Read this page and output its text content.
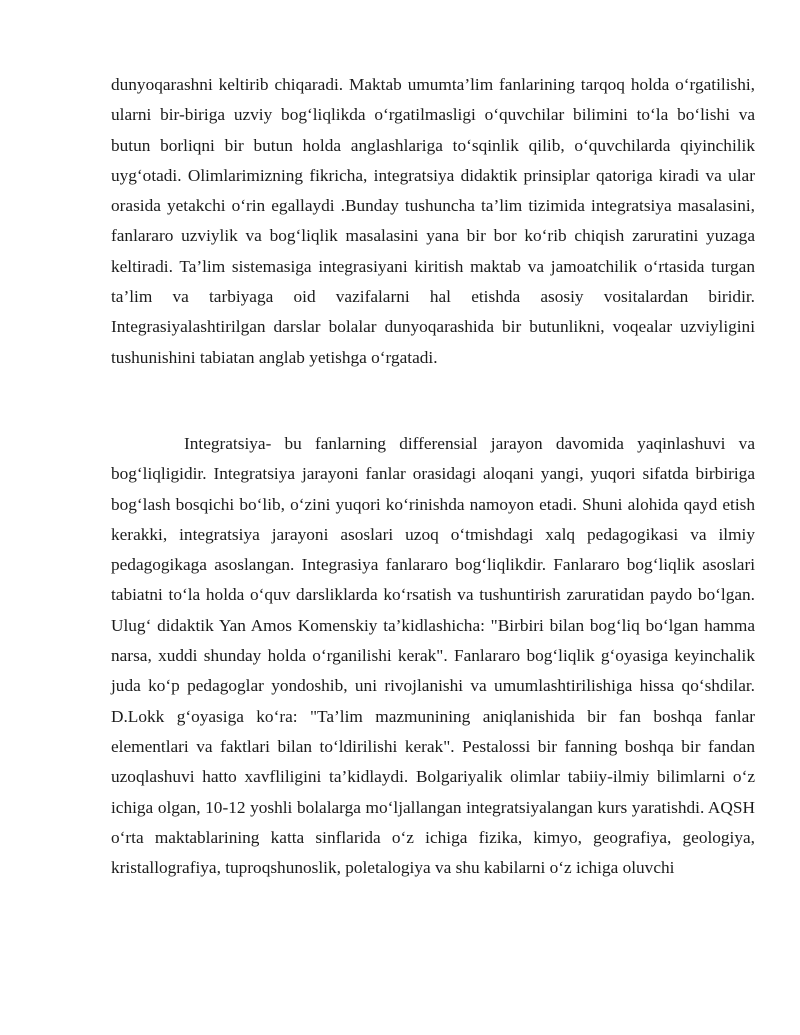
dunyoqarashni keltirib chiqaradi. Maktab umumta’lim fanlarining tarqoq holda o‘rgatilishi, ularni bir-biriga uzviy bog‘liqlikda o‘rgatilmasligi o‘quvchilar bilimini to‘la bo‘lishi va butun borliqni bir butun holda anglashlariga to‘sqinlik qilib, o‘quvchilarda qiyinchilik uyg‘otadi. Olimlarimizning fikricha, integratsiya didaktik prinsiplar qatoriga kiradi va ular orasida yetakchi o‘rin egallaydi .Bunday tushuncha ta’lim tizimida integratsiya masalasini, fanlararo uzviylik va bog‘liqlik masalasini yana bir bor ko‘rib chiqish zaruratini yuzaga keltiradi. Ta’lim sistemasiga integrasiyani kiritish maktab va jamoatchilik o‘rtasida turgan ta’lim va tarbiyaga oid vazifalarni hal etishda asosiy vositalardan biridir. Integrasiyalashtirilgan darslar bolalar dunyoqarashida bir butunlikni, voqealar uzviyligini tushunishini tabiatan anglab yetishga o‘rgatadi.

Integratsiya- bu fanlarning differensial jarayon davomida yaqinlashuvi va bog‘liqligidir. Integratsiya jarayoni fanlar orasidagi aloqani yangi, yuqori sifatda birbiriga bog‘lash bosqichi bo‘lib, o‘zini yuqori ko‘rinishda namoyon etadi. Shuni alohida qayd etish kerakki, integratsiya jarayoni asoslari uzoq o‘tmishdagi xalq pedagogikasi va ilmiy pedagogikaga asoslangan. Integrasiya fanlararo bog‘liqlikdir. Fanlararo bog‘liqlik asoslari tabiatni to‘la holda o‘quv darsliklarda ko‘rsatish va tushuntirish zaruratidan paydo bo‘lgan. Ulug‘ didaktik Yan Amos Komenskiy ta’kidlashicha: "Birbiri bilan bog‘liq bo‘lgan hamma narsa, xuddi shunday holda o‘rganilishi kerak". Fanlararo bog‘liqlik g‘oyasiga keyinchalik juda ko‘p pedagoglar yondoshib, uni rivojlanishi va umumlashtirilishiga hissa qo‘shdilar. D.Lokk g‘oyasiga ko‘ra: "Ta’lim mazmunining aniqlanishida bir fan boshqa fanlar elementlari va faktlari bilan to‘ldirilishi kerak". Pestalossi bir fanning boshqa bir fandan uzoqlashuvi hatto xavfliligini ta’kidlaydi. Bolgariyalik olimlar tabiiy-ilmiy bilimlarni o‘z ichiga olgan, 10-12 yoshli bolalarga mo‘ljallangan integratsiyalangan kurs yaratishdi. AQSH o‘rta maktablarining katta sinflarida o‘z ichiga fizika, kimyo, geografiya, geologiya, kristallografiya, tuproqshunoslik, poletalogiya va shu kabilarni o‘z ichiga oluvchi
